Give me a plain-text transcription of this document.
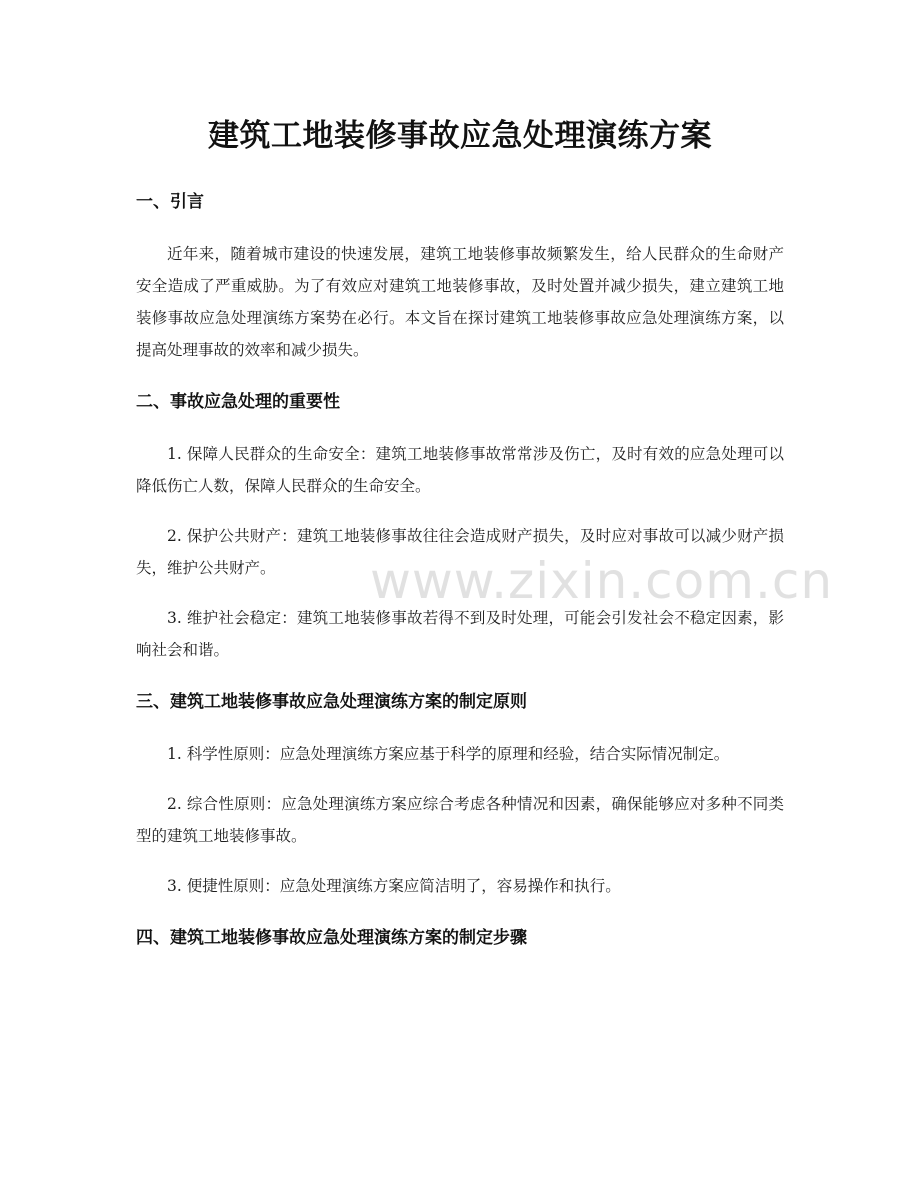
建筑工地装修事故应急处理演练方案
一、引言

近年来，随着城市建设的快速发展，建筑工地装修事故频繁发生，给人民群众的生命财产安全造成了严重威胁。为了有效应对建筑工地装修事故，及时处置并减少损失，建立建筑工地装修事故应急处理演练方案势在必行。本文旨在探讨建筑工地装修事故应急处理演练方案，以提高处理事故的效率和减少损失。

二、事故应急处理的重要性

1. 保障人民群众的生命安全：建筑工地装修事故常常涉及伤亡，及时有效的应急处理可以降低伤亡人数，保障人民群众的生命安全。

2. 保护公共财产：建筑工地装修事故往往会造成财产损失，及时应对事故可以减少财产损失，维护公共财产。

3. 维护社会稳定：建筑工地装修事故若得不到及时处理，可能会引发社会不稳定因素，影响社会和谐。

三、建筑工地装修事故应急处理演练方案的制定原则

1. 科学性原则：应急处理演练方案应基于科学的原理和经验，结合实际情况制定。

2. 综合性原则：应急处理演练方案应综合考虑各种情况和因素，确保能够应对多种不同类型的建筑工地装修事故。

3. 便捷性原则：应急处理演练方案应简洁明了，容易操作和执行。

四、建筑工地装修事故应急处理演练方案的制定步骤
www.zixin.com.cn
